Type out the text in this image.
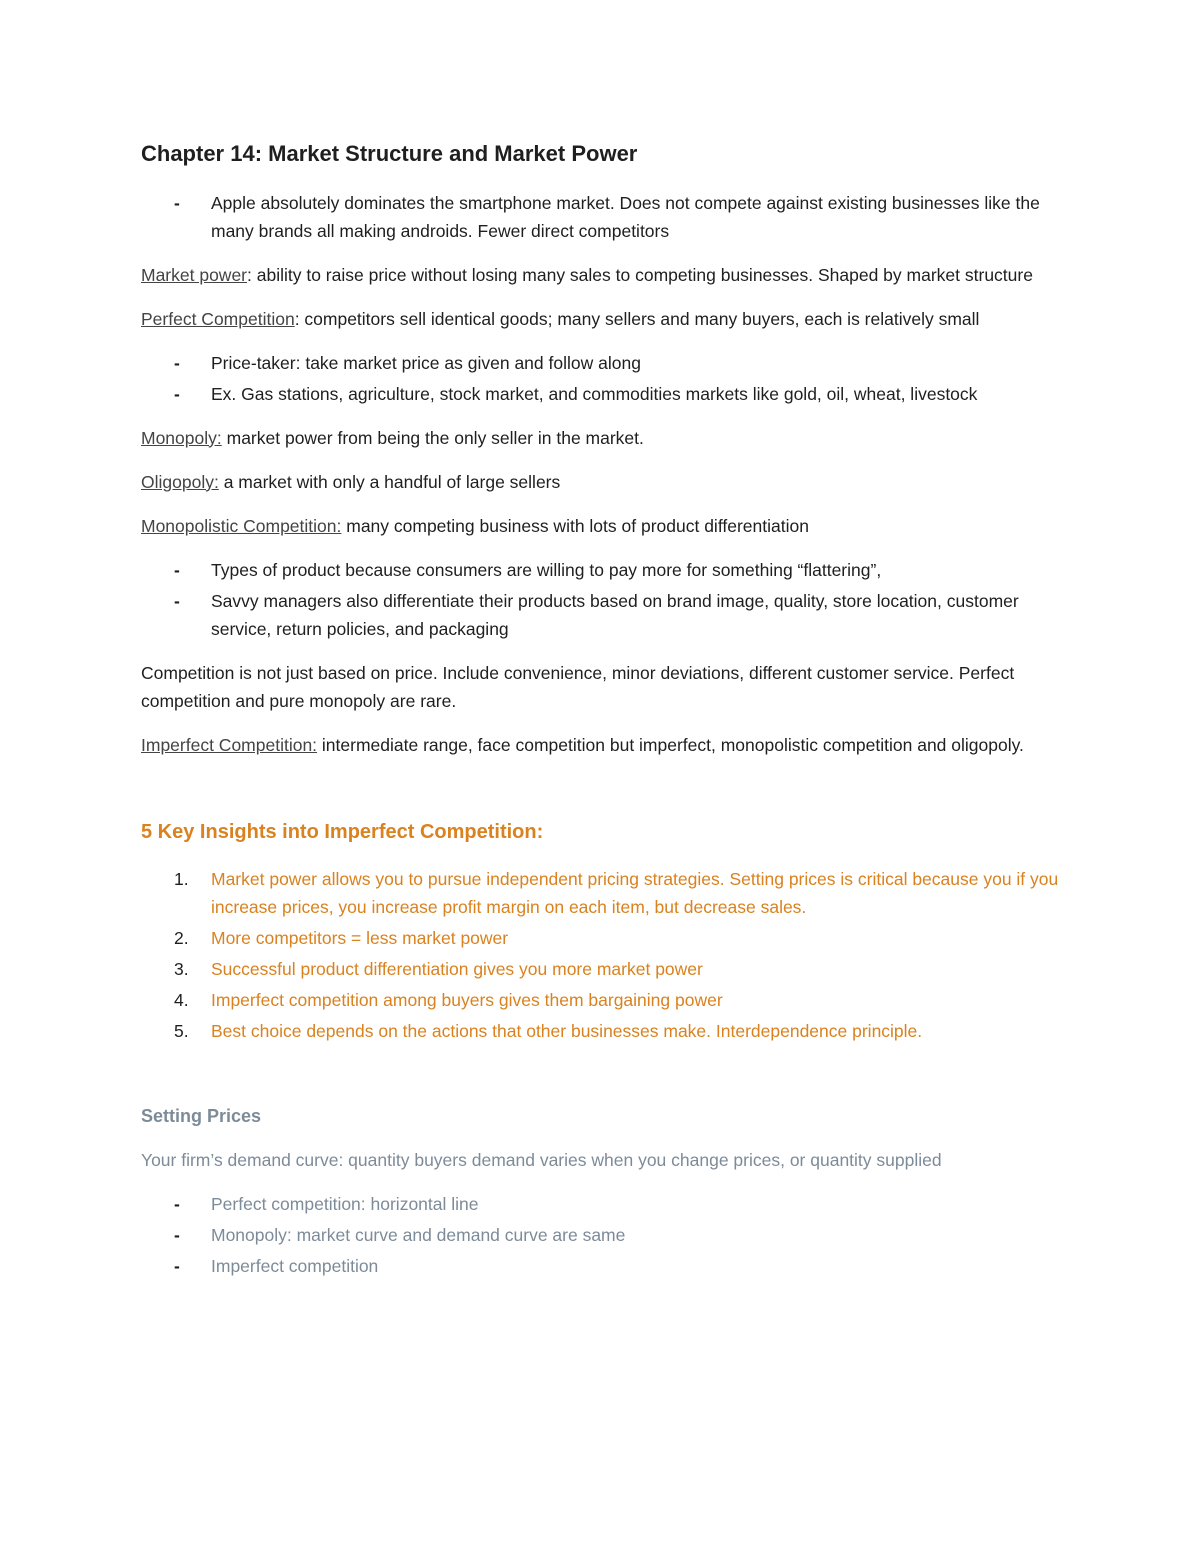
Chapter 14: Market Structure and Market Power
- Apple absolutely dominates the smartphone market. Does not compete against existing businesses like the many brands all making androids. Fewer direct competitors

Market power: ability to raise price without losing many sales to competing businesses. Shaped by market structure

Perfect Competition: competitors sell identical goods; many sellers and many buyers, each is relatively small

- Price-taker: take market price as given and follow along
- Ex. Gas stations, agriculture, stock market, and commodities markets like gold, oil, wheat, livestock

Monopoly: market power from being the only seller in the market.

Oligopoly: a market with only a handful of large sellers

Monopolistic Competition: many competing business with lots of product differentiation

- Types of product because consumers are willing to pay more for something “flattering”,
- Savvy managers also differentiate their products based on brand image, quality, store location, customer service, return policies, and packaging

Competition is not just based on price. Include convenience, minor deviations, different customer service. Perfect competition and pure monopoly are rare.

Imperfect Competition: intermediate range, face competition but imperfect, monopolistic competition and oligopoly.

5 Key Insights into Imperfect Competition:
1. Market power allows you to pursue independent pricing strategies. Setting prices is critical because you if you increase prices, you increase profit margin on each item, but decrease sales.
2. More competitors = less market power
3. Successful product differentiation gives you more market power
4. Imperfect competition among buyers gives them bargaining power
5. Best choice depends on the actions that other businesses make. Interdependence principle.
Setting Prices

Your firm’s demand curve: quantity buyers demand varies when you change prices, or quantity supplied

- Perfect competition: horizontal line
- Monopoly: market curve and demand curve are same
- Imperfect competition
